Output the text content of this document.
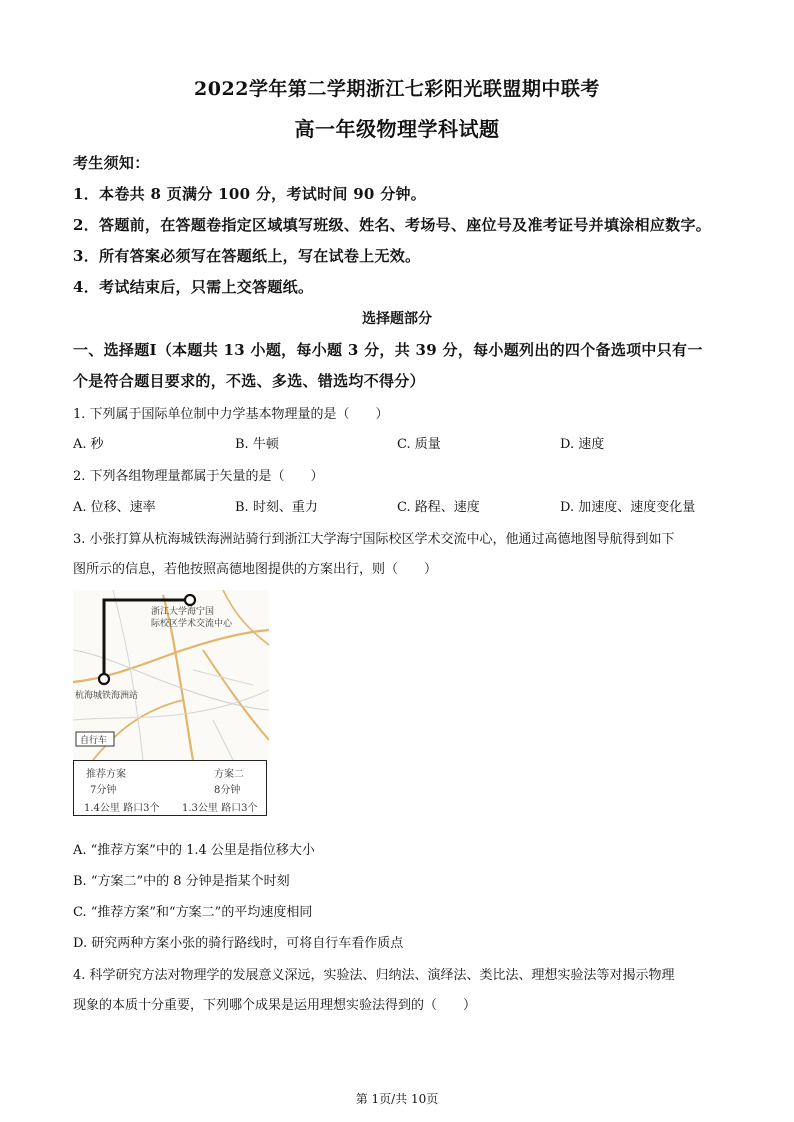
2022学年第二学期浙江七彩阳光联盟期中联考
高一年级物理学科试题
考生须知：
1．本卷共 8 页满分 100 分，考试时间 90 分钟。
2．答题前，在答题卷指定区域填写班级、姓名、考场号、座位号及准考证号并填涂相应数字。
3．所有答案必须写在答题纸上，写在试卷上无效。
4．考试结束后，只需上交答题纸。
选择题部分
一、选择题Ⅰ（本题共 13 小题，每小题 3 分，共 39 分，每小题列出的四个备选项中只有一
个是符合题目要求的，不选、多选、错选均不得分）
1. 下列属于国际单位制中力学基本物理量的是（　　）
A. 秒	B. 牛顿	C. 质量	D. 速度
2. 下列各组物理量都属于矢量的是（　　）
A. 位移、速率	B. 时刻、重力	C. 路程、速度	D. 加速度、速度变化量
3. 小张打算从杭海城铁海洲站骑行到浙江大学海宁国际校区学术交流中心，他通过高德地图导航得到如下
图所示的信息，若他按照高德地图提供的方案出行，则（　　）
浙江大学海宁国
际校区学术交流中心
杭海城铁海洲站
自行车
推荐方案
7分钟
1.4公里 路口3个
方案二
8分钟
1.3公里 路口3个
A. “推荐方案”中的 1.4 公里是指位移大小
B. “方案二”中的 8 分钟是指某个时刻
C. “推荐方案”和“方案二”的平均速度相同
D. 研究两种方案小张的骑行路线时，可将自行车看作质点
4. 科学研究方法对物理学的发展意义深远，实验法、归纳法、演绎法、类比法、理想实验法等对揭示物理
现象的本质十分重要，下列哪个成果是运用理想实验法得到的（　　）
第 1页/共 10页
